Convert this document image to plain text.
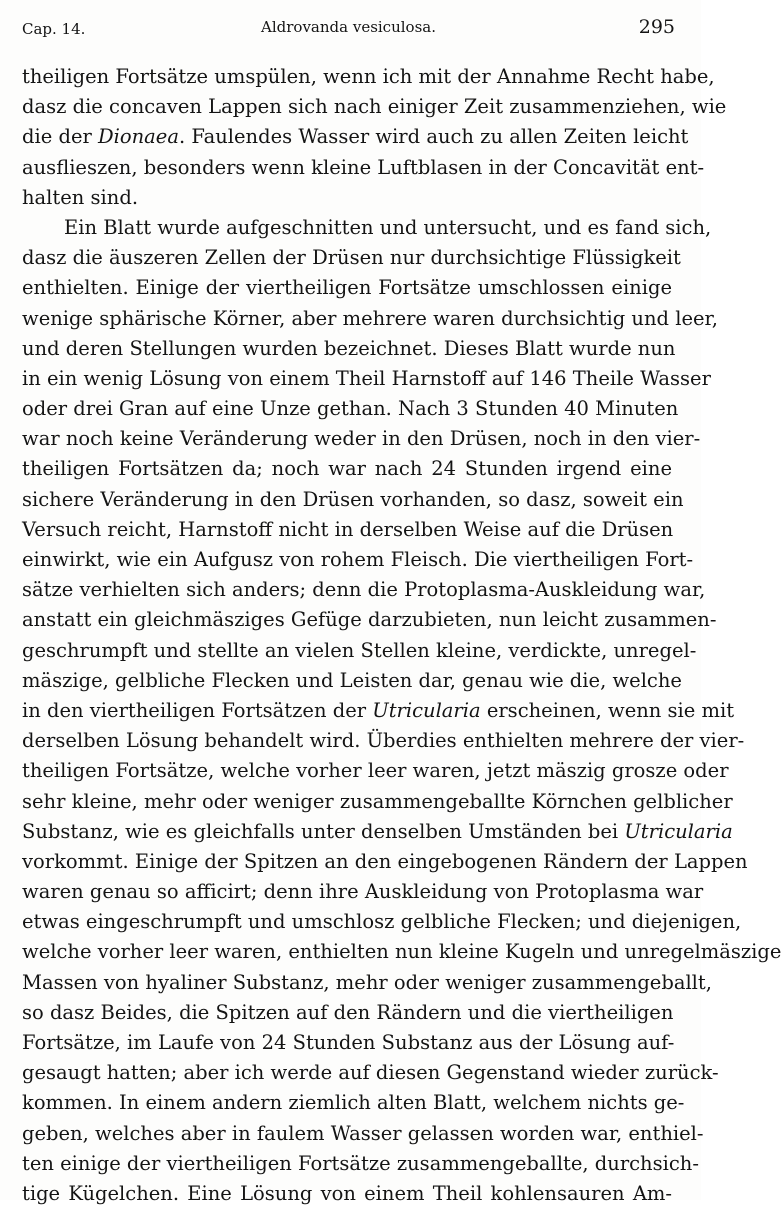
Cap. 14.	Aldrovanda vesiculosa.	295
theiligen Fortsätze umspülen, wenn ich mit der Annahme Recht habe,
dasz die concaven Lappen sich nach einiger Zeit zusammenziehen, wie
die der Dionaea. Faulendes Wasser wird auch zu allen Zeiten leicht
ausflieszen, besonders wenn kleine Luftblasen in der Concavität ent-
halten sind.
Ein Blatt wurde aufgeschnitten und untersucht, und es fand sich,
dasz die äuszeren Zellen der Drüsen nur durchsichtige Flüssigkeit
enthielten. Einige der viertheiligen Fortsätze umschlossen einige
wenige sphärische Körner, aber mehrere waren durchsichtig und leer,
und deren Stellungen wurden bezeichnet. Dieses Blatt wurde nun
in ein wenig Lösung von einem Theil Harnstoff auf 146 Theile Wasser
oder drei Gran auf eine Unze gethan. Nach 3 Stunden 40 Minuten
war noch keine Veränderung weder in den Drüsen, noch in den vier-
theiligen Fortsätzen da; noch war nach 24 Stunden irgend eine
sichere Veränderung in den Drüsen vorhanden, so dasz, soweit ein
Versuch reicht, Harnstoff nicht in derselben Weise auf die Drüsen
einwirkt, wie ein Aufgusz von rohem Fleisch. Die viertheiligen Fort-
sätze verhielten sich anders; denn die Protoplasma-Auskleidung war,
anstatt ein gleichmäsziges Gefüge darzubieten, nun leicht zusammen-
geschrumpft und stellte an vielen Stellen kleine, verdickte, unregel-
mäszige, gelbliche Flecken und Leisten dar, genau wie die, welche
in den viertheiligen Fortsätzen der Utricularia erscheinen, wenn sie mit
derselben Lösung behandelt wird. Überdies enthielten mehrere der vier-
theiligen Fortsätze, welche vorher leer waren, jetzt mäszig grosze oder
sehr kleine, mehr oder weniger zusammengeballte Körnchen gelblicher
Substanz, wie es gleichfalls unter denselben Umständen bei Utricularia
vorkommt. Einige der Spitzen an den eingebogenen Rändern der Lappen
waren genau so afficirt; denn ihre Auskleidung von Protoplasma war
etwas eingeschrumpft und umschlosz gelbliche Flecken; und diejenigen,
welche vorher leer waren, enthielten nun kleine Kugeln und unregelmäszige
Massen von hyaliner Substanz, mehr oder weniger zusammengeballt,
so dasz Beides, die Spitzen auf den Rändern und die viertheiligen
Fortsätze, im Laufe von 24 Stunden Substanz aus der Lösung auf-
gesaugt hatten; aber ich werde auf diesen Gegenstand wieder zurück-
kommen. In einem andern ziemlich alten Blatt, welchem nichts ge-
geben, welches aber in faulem Wasser gelassen worden war, enthiel-
ten einige der viertheiligen Fortsätze zusammengeballte, durchsich-
tige Kügelchen. Eine Lösung von einem Theil kohlensauren Am-
